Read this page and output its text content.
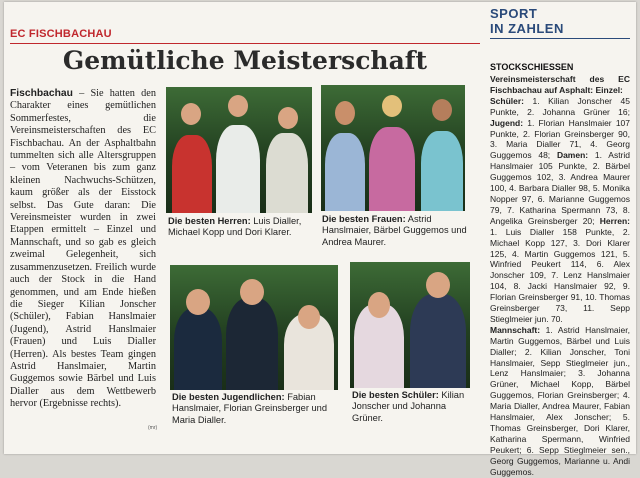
EC FISCHBACHAU
Gemütliche Meisterschaft
Fischbachau – Sie hatten den Charakter eines gemütlichen Sommerfestes, die Vereinsmeisterschaften des EC Fischbachau. An der Asphaltbahn tummelten sich alle Altersgruppen – vom Veteranen bis zum ganz kleinen Nachwuchs-Schützen, kaum größer als der Eisstock selbst. Das Gute daran: Die Vereinsmeister wurden in zwei Etappen ermittelt – Einzel und Mannschaft, und so gab es gleich zweimal Gelegenheit, sich zusammenzusetzen. Freilich wurde auch der Stock in die Hand genommen, und am Ende hießen die Sieger Kilian Jonscher (Schüler), Fabian Hanslmaier (Jugend), Astrid Hanslmaier (Frauen) und Luis Dialler (Herren). Als bestes Team gingen Astrid Hanslmaier, Martin Guggemos sowie Bärbel und Luis Dialler aus dem Wettbewerb hervor (Ergebnisse rechts).
(mr)
Die besten Herren: Luis Dialler, Michael Kopp und Dori Klarer.
Die besten Frauen: Astrid Hanslmaier, Bärbel Guggemos und Andrea Maurer.
Die besten Jugendlichen: Fabian Hanslmaier, Florian Greinsberger und Maria Dialler.
Die besten Schüler: Kilian Jonscher und Johanna Grüner.
SPORT
IN ZAHLEN
STOCKSCHIESSEN
Vereinsmeisterschaft des EC Fischbachau auf Asphalt: Einzel:
Schüler: 1. Kilian Jonscher 45 Punkte, 2. Johanna Grüner 16; Jugend: 1. Florian Hanslmaier 107 Punkte, 2. Florian Greinsberger 90, 3. Maria Dialler 71, 4. Georg Guggemos 48; Damen: 1. Astrid Hanslmaier 105 Punkte, 2. Bärbel Guggemos 102, 3. Andrea Maurer 100, 4. Barbara Dialler 98, 5. Monika Nopper 97, 6. Marianne Guggemos 79, 7. Katharina Spermann 73, 8. Angelika Greinsberger 20; Herren: 1. Luis Dialler 158 Punkte, 2. Michael Kopp 127, 3. Dori Klarer 125, 4. Martin Guggemos 121, 5. Winfried Peukert 114, 6. Alex Jonscher 109, 7. Lenz Hanslmaier 104, 8. Jacki Hanslmaier 92, 9. Florian Greinsberger 91, 10. Thomas Greinsberger 73, 11. Sepp Stieglmeier jun. 70.
Mannschaft: 1. Astrid Hanslmaier, Martin Guggemos, Bärbel und Luis Dialler; 2. Kilian Jonscher, Toni Hanslmaier, Sepp Stieglmeier jun., Lenz Hanslmaier; 3. Johanna Grüner, Michael Kopp, Bärbel Guggemos, Florian Greinsberger; 4. Maria Dialler, Andrea Maurer, Fabian Hanslmaier, Alex Jonscher; 5. Thomas Greinsberger, Dori Klarer, Katharina Spermann, Winfried Peukert; 6. Sepp Stieglmeier sen., Georg Guggemos, Marianne u. Andi Guggemos.
